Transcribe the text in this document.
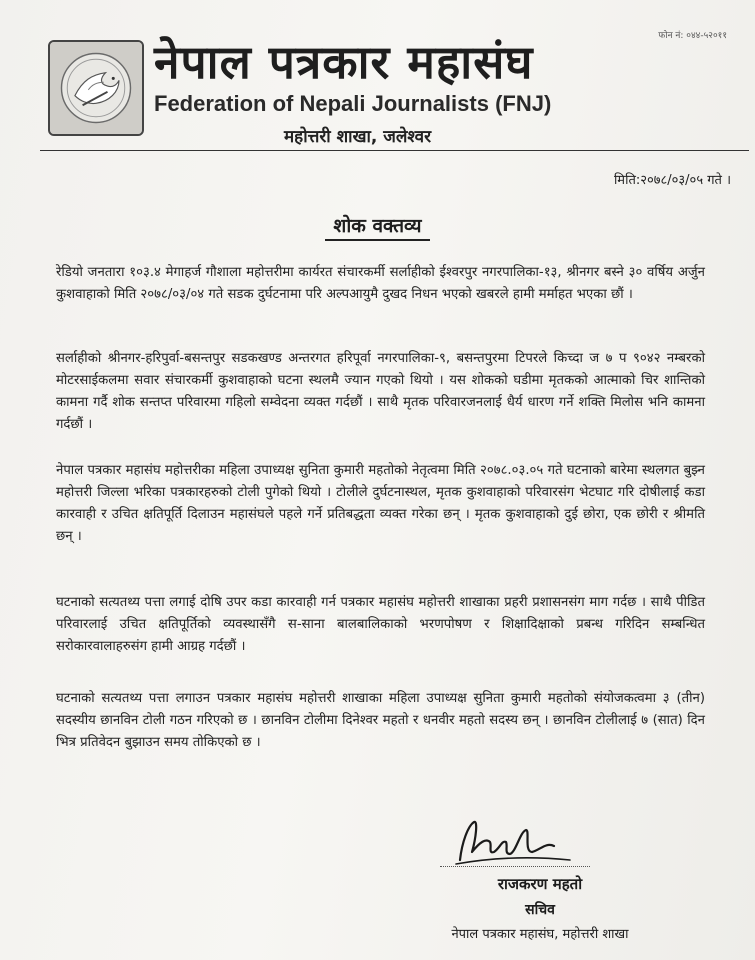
फोन नं: ०४४-५२०११
नेपाल पत्रकार महासंघ
Federation of Nepali Journalists (FNJ)
महोत्तरी शाखा, जलेश्वर
मिति:२०७८/०३/०५ गते ।
शोक वक्तव्य

रेडियो जनतारा १०३.४ मेगाहर्ज गौशाला महोत्तरीमा कार्यरत संचारकर्मी सर्लाहीको ईश्वरपुर नगरपालिका-१३, श्रीनगर बस्ने ३० वर्षिय अर्जुन कुशवाहाको मिति २०७८/०३/०४ गते सडक दुर्घटनामा परि अल्पआयुमै दुखद निधन भएको खबरले हामी मर्माहत भएका छौं ।

सर्लाहीको श्रीनगर-हरिपुर्वा-बसन्तपुर सडकखण्ड अन्तरगत हरिपूर्वा नगरपालिका-९, बसन्तपुरमा टिपरले किच्दा ज ७ प ९०४२ नम्बरको मोटरसाईकलमा सवार संचारकर्मी कुशवाहाको घटना स्थलमै ज्यान गएको थियो । यस शोकको घडीमा मृतकको आत्माको चिर शान्तिको कामना गर्दै शोक सन्तप्त परिवारमा गहिलो सम्वेदना व्यक्त गर्दछौं । साथै मृतक परिवारजनलाई धैर्य धारण गर्ने शक्ति मिलोस भनि कामना गर्दछौं ।

नेपाल पत्रकार महासंघ महोत्तरीका महिला उपाध्यक्ष सुनिता कुमारी महतोको नेतृत्वमा मिति २०७८.०३.०५ गते घटनाको बारेमा स्थलगत बुझ्न महोत्तरी जिल्ला भरिका पत्रकारहरुको टोली पुगेको थियो । टोलीले दुर्घटनास्थल, मृतक कुशवाहाको परिवारसंग भेटघाट गरि दोषीलाई कडा कारवाही र उचित क्षतिपूर्ति दिलाउन महासंघले पहले गर्ने प्रतिबद्धता व्यक्त गरेका छन् । मृतक कुशवाहाको दुई छोरा, एक छोरी र श्रीमति छन् ।

घटनाको सत्यतथ्य पत्ता लगाई दोषि उपर कडा कारवाही गर्न पत्रकार महासंघ महोत्तरी शाखाका प्रहरी प्रशासनसंग माग गर्दछ । साथै पीडित परिवारलाई उचित क्षतिपूर्तिको व्यवस्थासँगै स-साना बालबालिकाको भरणपोषण र शिक्षादिक्षाको प्रबन्ध गरिदिन सम्बन्धित सरोकारवालाहरुसंग हामी आग्रह गर्दछौं ।

घटनाको सत्यतथ्य पत्ता लगाउन पत्रकार महासंघ महोत्तरी शाखाका महिला उपाध्यक्ष सुनिता कुमारी महतोको संयोजकत्वमा ३ (तीन) सदस्यीय छानविन टोली गठन गरिएको छ । छानविन टोलीमा दिनेश्वर महतो र धनवीर महतो सदस्य छन् । छानविन टोलीलाई ७ (सात) दिन भित्र प्रतिवेदन बुझाउन समय तोकिएको छ ।

राजकरण महतो
सचिव
नेपाल पत्रकार महासंघ, महोत्तरी शाखा
